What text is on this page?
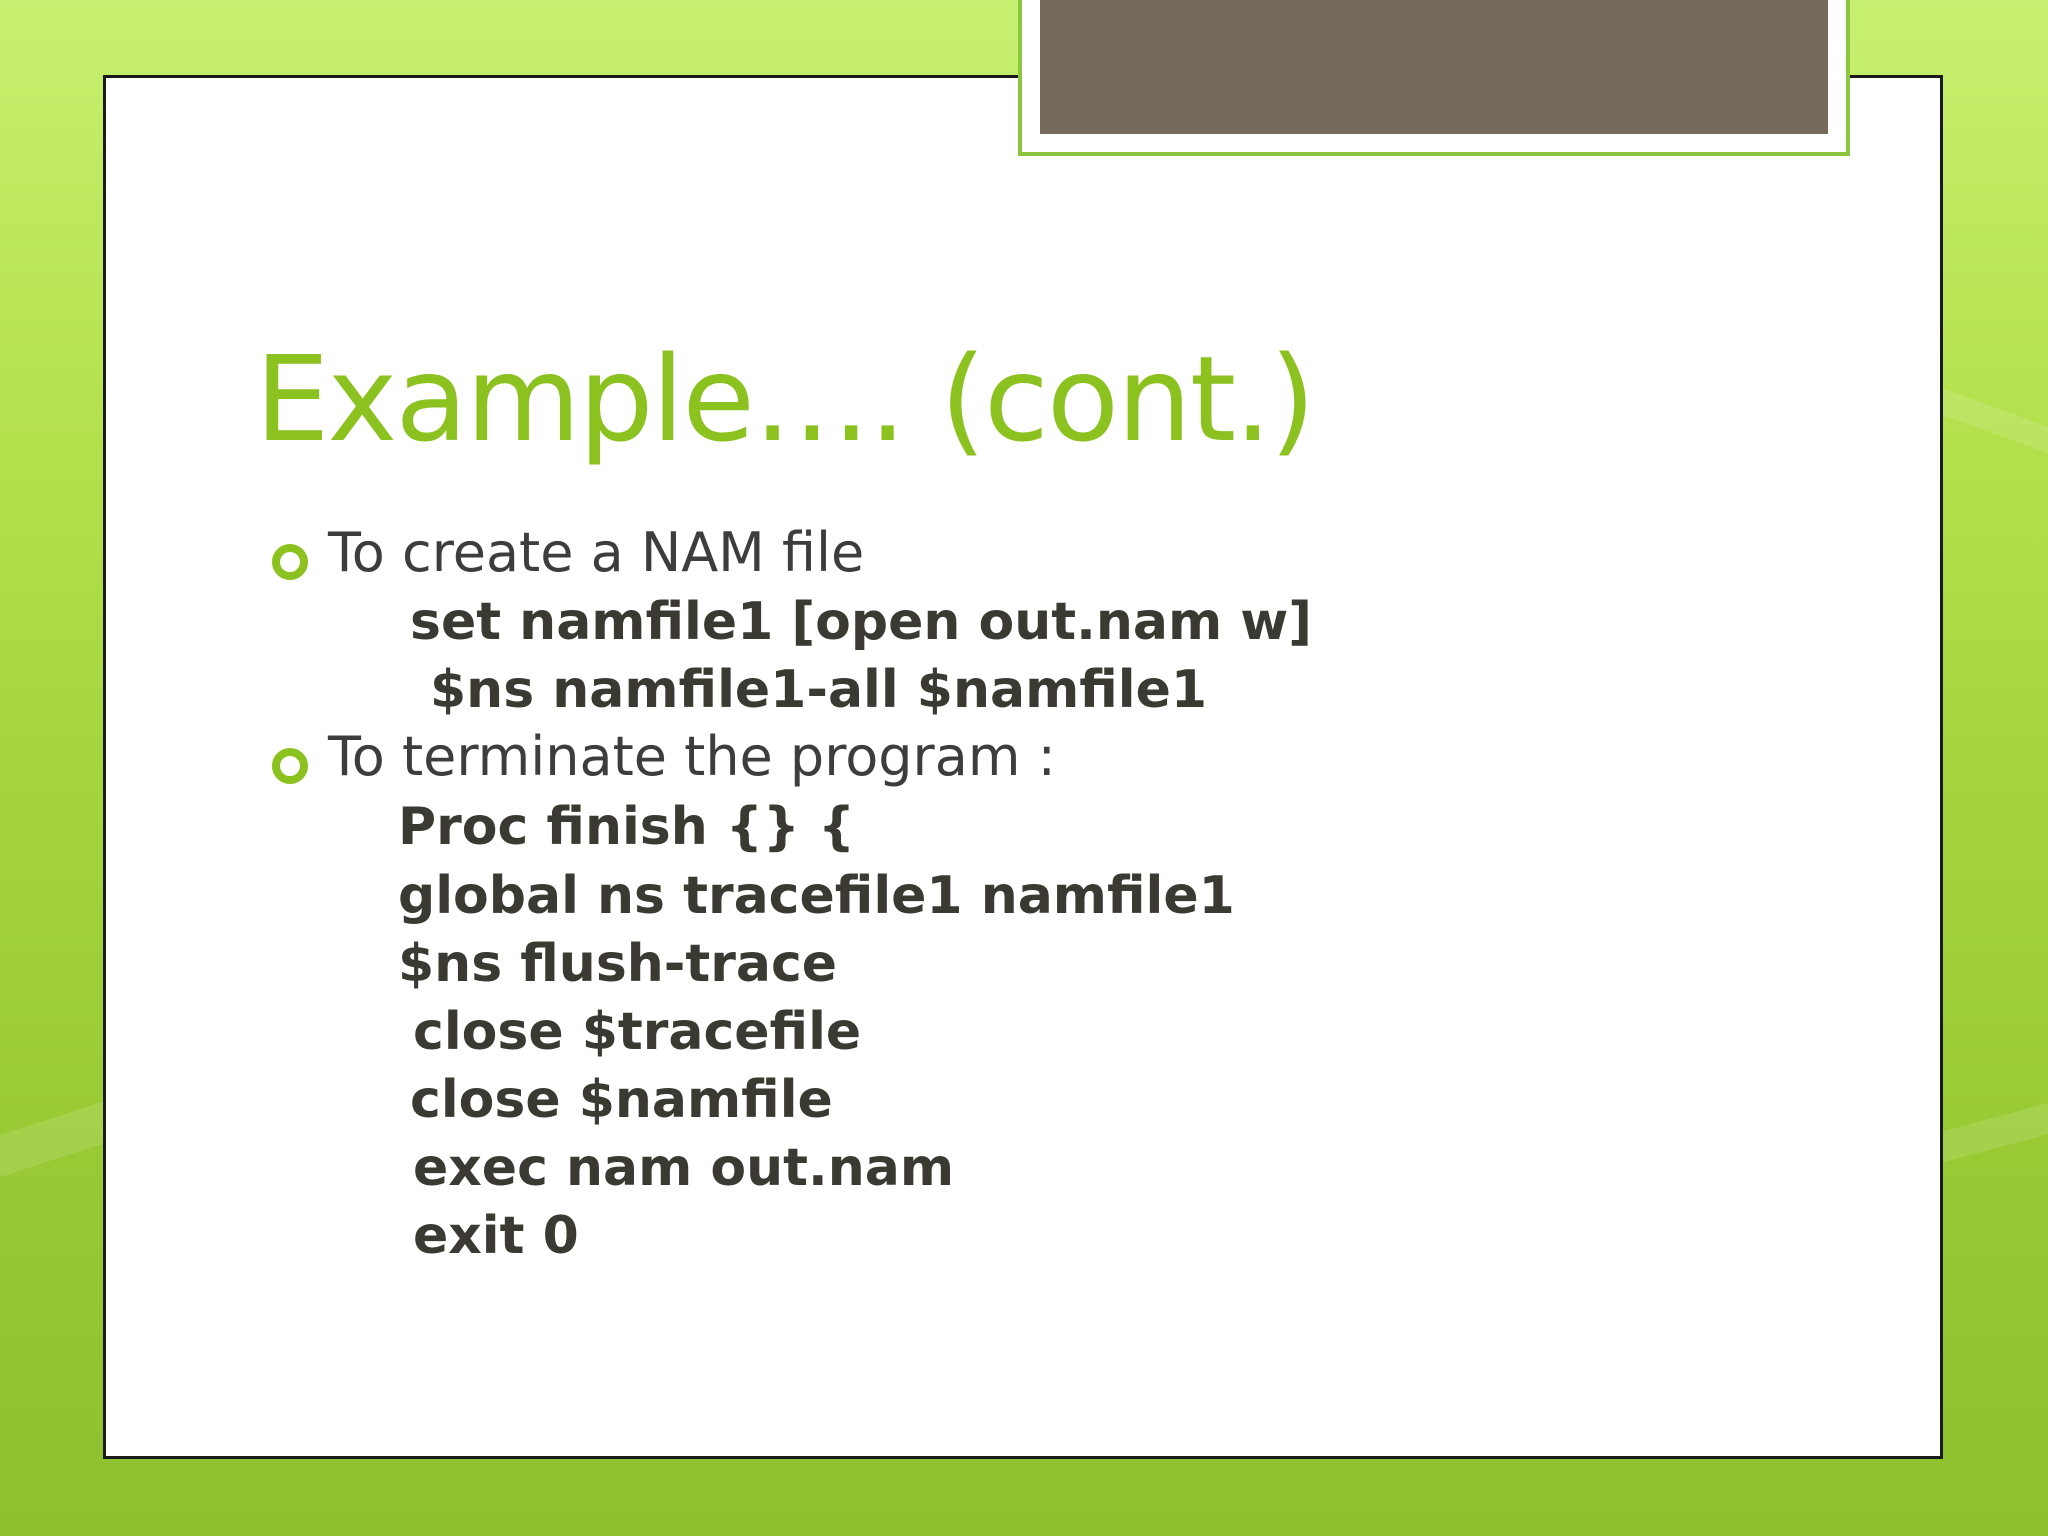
Example…. (cont.)
To create a NAM file
set namfile1 [open out.nam w]
$ns namfile1-all $namfile1
To terminate the program :
Proc finish {} {
global ns tracefile1 namfile1
$ns flush-trace
close $tracefile
close $namfile
exec nam out.nam
exit 0
